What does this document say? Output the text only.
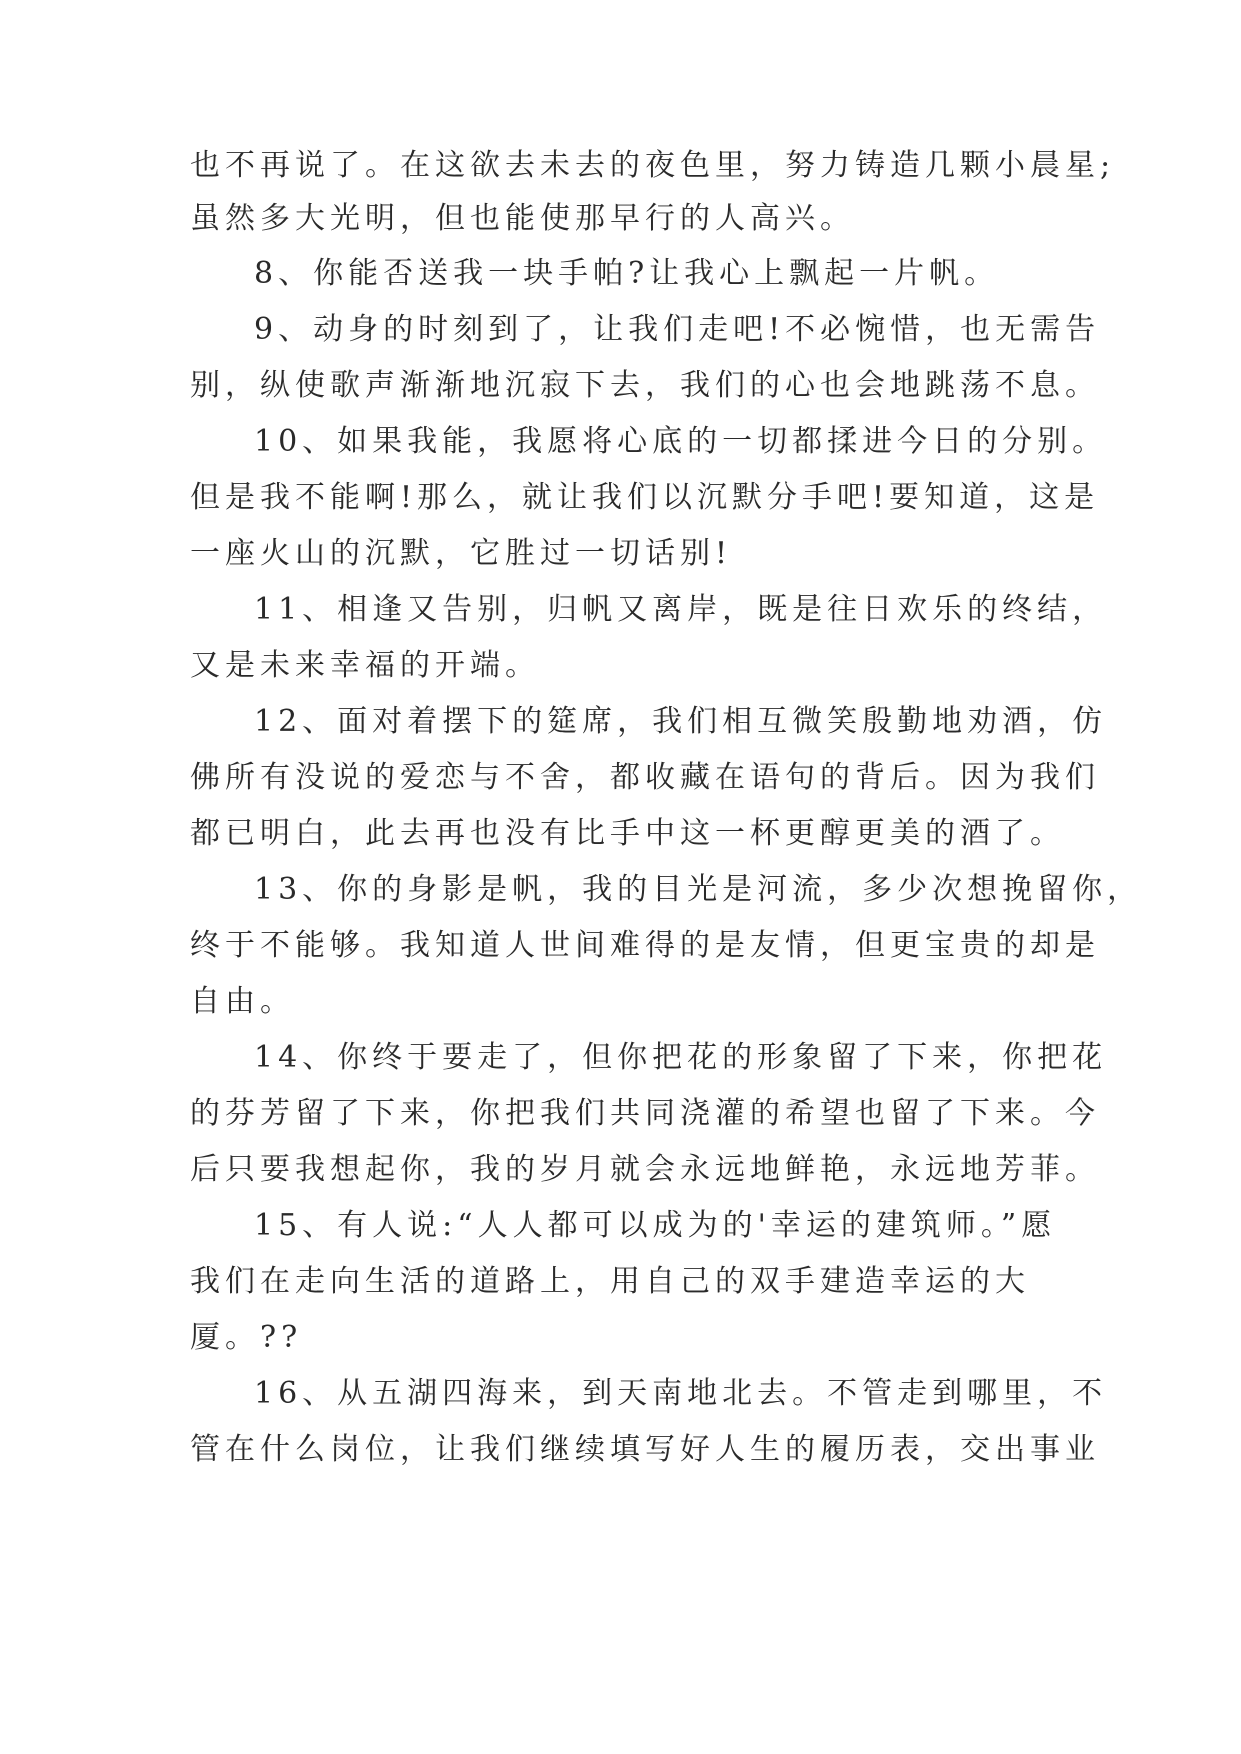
也不再说了。在这欲去未去的夜色里，努力铸造几颗小晨星;
虽然多大光明，但也能使那早行的人高兴。
8、你能否送我一块手帕?让我心上飘起一片帆。
9、动身的时刻到了，让我们走吧!不必惋惜，也无需告
别，纵使歌声渐渐地沉寂下去，我们的心也会地跳荡不息。
10、如果我能，我愿将心底的一切都揉进今日的分别。
但是我不能啊!那么，就让我们以沉默分手吧!要知道，这是
一座火山的沉默，它胜过一切话别!
11、相逢又告别，归帆又离岸，既是往日欢乐的终结，
又是未来幸福的开端。
12、面对着摆下的筵席，我们相互微笑殷勤地劝酒，仿
佛所有没说的爱恋与不舍，都收藏在语句的背后。因为我们
都已明白，此去再也没有比手中这一杯更醇更美的酒了。
13、你的身影是帆，我的目光是河流，多少次想挽留你，
终于不能够。我知道人世间难得的是友情，但更宝贵的却是
自由。
14、你终于要走了，但你把花的形象留了下来，你把花
的芬芳留了下来，你把我们共同浇灌的希望也留了下来。今
后只要我想起你，我的岁月就会永远地鲜艳，永远地芳菲。
15、有人说:“人人都可以成为的'幸运的建筑师。”愿
我们在走向生活的道路上，用自己的双手建造幸运的大
厦。??
16、从五湖四海来，到天南地北去。不管走到哪里，不
管在什么岗位，让我们继续填写好人生的履历表，交出事业
